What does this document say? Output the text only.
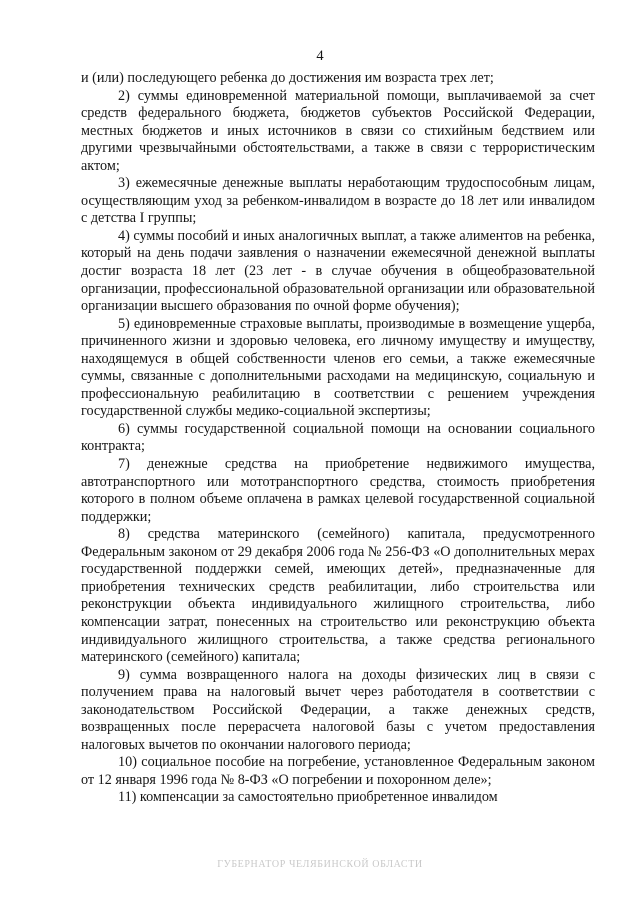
4

и (или) последующего ребенка до достижения им возраста трех лет;

2) суммы единовременной материальной помощи, выплачиваемой за счет средств федерального бюджета, бюджетов субъектов Российской Федерации, местных бюджетов и иных источников в связи со стихийным бедствием или другими чрезвычайными обстоятельствами, а также в связи с террористическим актом;

3) ежемесячные денежные выплаты неработающим трудоспособным лицам, осуществляющим уход за ребенком-инвалидом в возрасте до 18 лет или инвалидом с детства I группы;

4) суммы пособий и иных аналогичных выплат, а также алиментов на ребенка, который на день подачи заявления о назначении ежемесячной денежной выплаты достиг возраста 18 лет (23 лет - в случае обучения в общеобразовательной организации, профессиональной образовательной организации или образовательной организации высшего образования по очной форме обучения);

5) единовременные страховые выплаты, производимые в возмещение ущерба, причиненного жизни и здоровью человека, его личному имуществу и имуществу, находящемуся в общей собственности членов его семьи, а также ежемесячные суммы, связанные с дополнительными расходами на медицинскую, социальную и профессиональную реабилитацию в соответствии с решением учреждения государственной службы медико-социальной экспертизы;

6) суммы государственной социальной помощи на основании социального контракта;

7) денежные средства на приобретение недвижимого имущества, автотранспортного или мототранспортного средства, стоимость приобретения которого в полном объеме оплачена в рамках целевой государственной социальной поддержки;

8) средства материнского (семейного) капитала, предусмотренного Федеральным законом от 29 декабря 2006 года № 256-ФЗ «О дополнительных мерах государственной поддержки семей, имеющих детей», предназначенные для приобретения технических средств реабилитации, либо строительства или реконструкции объекта индивидуального жилищного строительства, либо компенсации затрат, понесенных на строительство или реконструкцию объекта индивидуального жилищного строительства, а также средства регионального материнского (семейного) капитала;

9) сумма возвращенного налога на доходы физических лиц в связи с получением права на налоговый вычет через работодателя в соответствии с законодательством Российской Федерации, а также денежных средств, возвращенных после перерасчета налоговой базы с учетом предоставления налоговых вычетов по окончании налогового периода;

10) социальное пособие на погребение, установленное Федеральным законом от 12 января 1996 года № 8-ФЗ «О погребении и похоронном деле»;

11) компенсации за самостоятельно приобретенное инвалидом

ГУБЕРНАТОР ЧЕЛЯБИНСКОЙ ОБЛАСТИ
